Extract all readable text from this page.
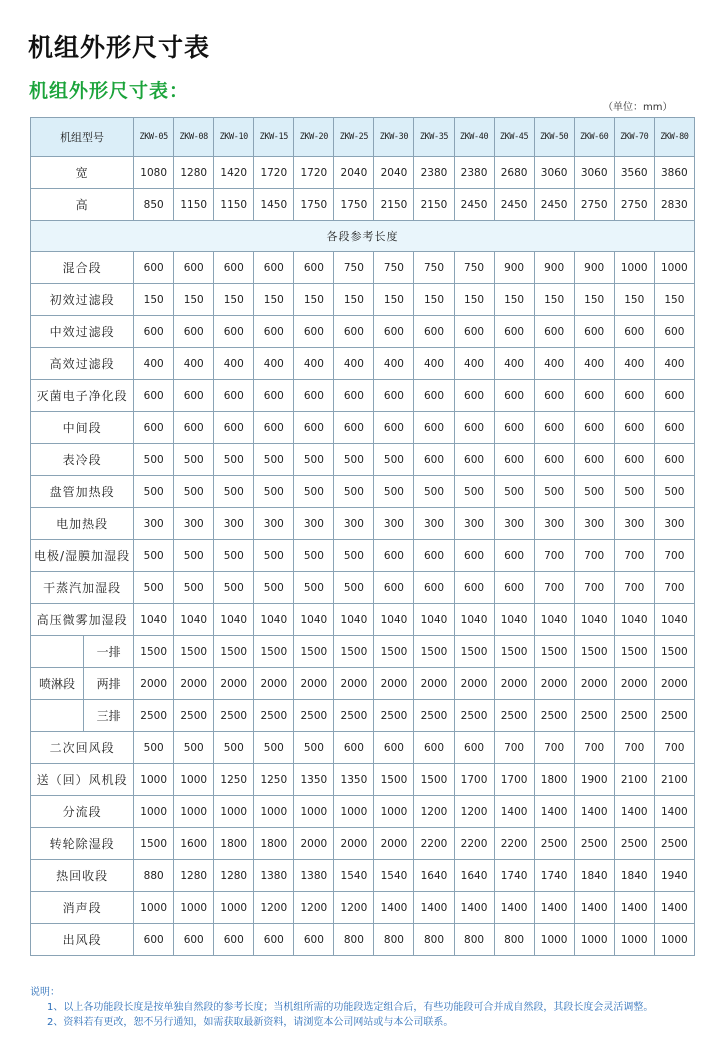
机组外形尺寸表
机组外形尺寸表：
（单位：mm）
机组型号	ZKW-05	ZKW-08	ZKW-10	ZKW-15	ZKW-20	ZKW-25	ZKW-30	ZKW-35	ZKW-40	ZKW-45	ZKW-50	ZKW-60	ZKW-70	ZKW-80
宽	1080	1280	1420	1720	1720	2040	2040	2380	2380	2680	3060	3060	3560	3860
高	850	1150	1150	1450	1750	1750	2150	2150	2450	2450	2450	2750	2750	2830
各段参考长度														
混合段	600	600	600	600	600	750	750	750	750	900	900	900	1000	1000
初效过滤段	150	150	150	150	150	150	150	150	150	150	150	150	150	150
中效过滤段	600	600	600	600	600	600	600	600	600	600	600	600	600	600
高效过滤段	400	400	400	400	400	400	400	400	400	400	400	400	400	400
灭菌电子净化段	600	600	600	600	600	600	600	600	600	600	600	600	600	600
中间段	600	600	600	600	600	600	600	600	600	600	600	600	600	600
表冷段	500	500	500	500	500	500	500	600	600	600	600	600	600	600
盘管加热段	500	500	500	500	500	500	500	500	500	500	500	500	500	500
电加热段	300	300	300	300	300	300	300	300	300	300	300	300	300	300
电极/湿膜加湿段	500	500	500	500	500	500	600	600	600	600	700	700	700	700
干蒸汽加湿段	500	500	500	500	500	500	600	600	600	600	700	700	700	700
高压微雾加湿段	1040	1040	1040	1040	1040	1040	1040	1040	1040	1040	1040	1040	1040	1040

一排	1500	1500	1500	1500	1500	1500	1500	1500	1500	1500	1500	1500	1500	1500

喷淋段 两排	2000	2000	2000	2000	2000	2000	2000	2000	2000	2000	2000	2000	2000	2000

三排	2500	2500	2500	2500	2500	2500	2500	2500	2500	2500	2500	2500	2500	2500
二次回风段	500	500	500	500	500	600	600	600	600	700	700	700	700	700
送（回）风机段	1000	1000	1250	1250	1350	1350	1500	1500	1700	1700	1800	1900	2100	2100
分流段	1000	1000	1000	1000	1000	1000	1000	1200	1200	1400	1400	1400	1400	1400
转轮除湿段	1500	1600	1800	1800	2000	2000	2000	2200	2200	2200	2500	2500	2500	2500
热回收段	880	1280	1280	1380	1380	1540	1540	1640	1640	1740	1740	1840	1840	1940
消声段	1000	1000	1000	1200	1200	1200	1400	1400	1400	1400	1400	1400	1400	1400
出风段	600	600	600	600	600	800	800	800	800	800	1000	1000	1000	1000
说明：
1、以上各功能段长度是按单独自然段的参考长度；当机组所需的功能段选定组合后，有些功能段可合并成自然段，其段长度会灵活调整。
2、资料若有更改，恕不另行通知，如需获取最新资料，请浏览本公司网站或与本公司联系。
